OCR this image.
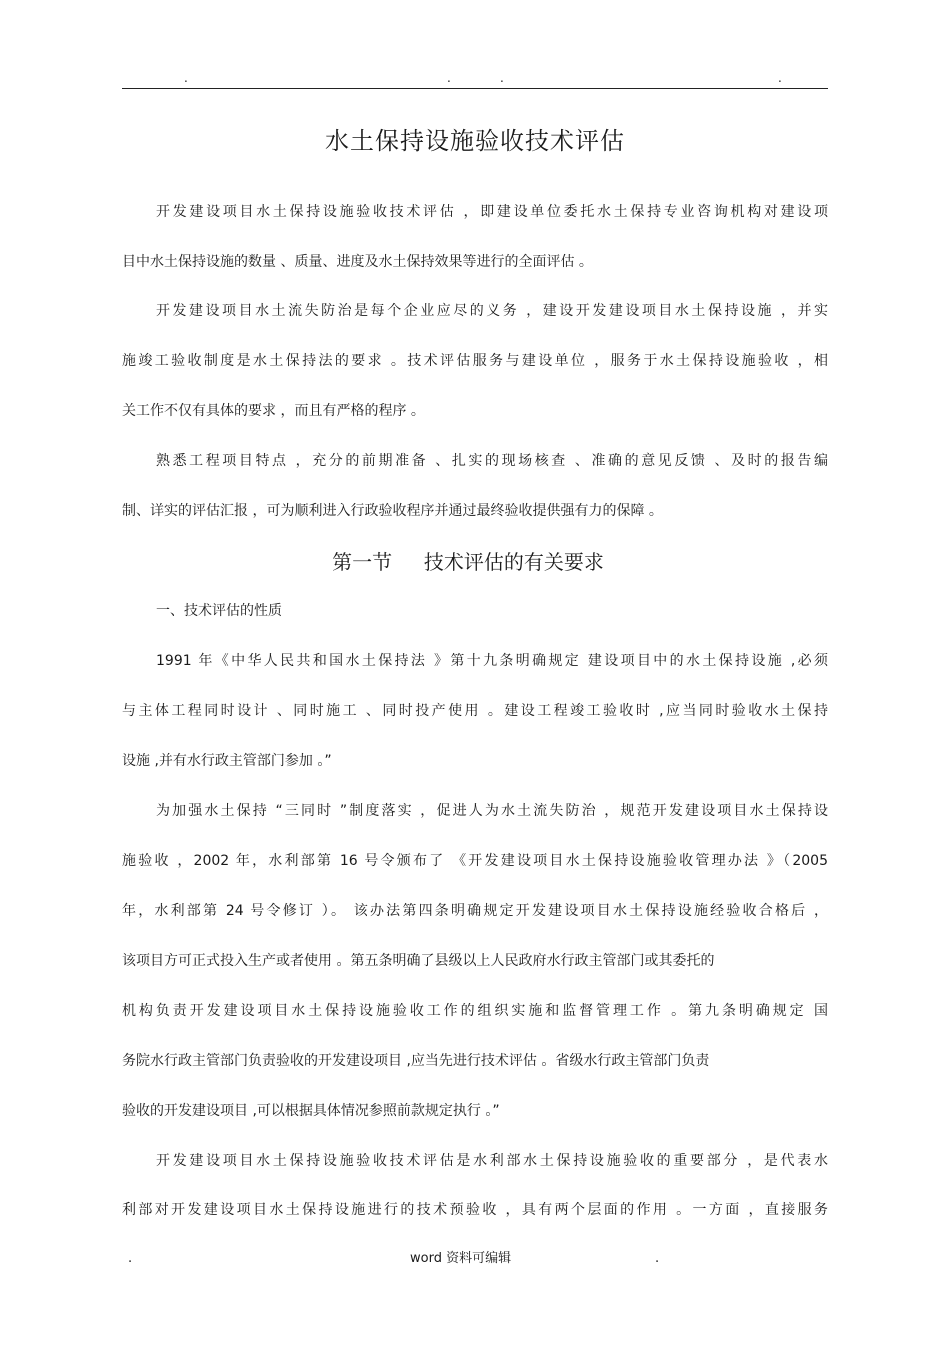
.	.	.	.
水土保持设施验收技术评估
开发建设项目水土保持设施验收技术评估 ，即建设单位委托水土保持专业咨询机构对建设项
目中水土保持设施的数量 、质量、进度及水土保持效果等进行的全面评估 。
开发建设项目水土流失防治是每个企业应尽的义务 ，建设开发建设项目水土保持设施 ，并实
施竣工验收制度是水土保持法的要求 。技术评估服务与建设单位 ，服务于水土保持设施验收 ，相
关工作不仅有具体的要求 ，而且有严格的程序 。
熟悉工程项目特点 ，充分的前期准备 、扎实的现场核查 、准确的意见反馈 、及时的报告编
制、详实的评估汇报 ，可为顺利进入行政验收程序并通过最终验收提供强有力的保障 。
第一节     技术评估的有关要求
一、技术评估的性质
1991 年《中华人民共和国水土保持法 》第十九条明确规定 建设项目中的水土保持设施 ,必须
与主体工程同时设计 、同时施工 、同时投产使用 。建设工程竣工验收时 ,应当同时验收水土保持
设施 ,并有水行政主管部门参加 。”
为加强水土保持 “三同时 ”制度落实 ，促进人为水土流失防治 ，规范开发建设项目水土保持设
施验收 ，2002 年，水利部第 16 号令颁布了 《开发建设项目水土保持设施验收管理办法 》（2005
年，水利部第 24 号令修订 ）。 该办法第四条明确规定开发建设项目水土保持设施经验收合格后 ，
该项目方可正式投入生产或者使用 。第五条明确了县级以上人民政府水行政主管部门或其委托的
机构负责开发建设项目水土保持设施验收工作的组织实施和监督管理工作 。第九条明确规定 国
务院水行政主管部门负责验收的开发建设项目 ,应当先进行技术评估 。省级水行政主管部门负责
验收的开发建设项目 ,可以根据具体情况参照前款规定执行 。”
开发建设项目水土保持设施验收技术评估是水利部水土保持设施验收的重要部分 ，是代表水
利部对开发建设项目水土保持设施进行的技术预验收 ，具有两个层面的作用 。一方面 ，直接服务
.	word 资料可编辑	.
